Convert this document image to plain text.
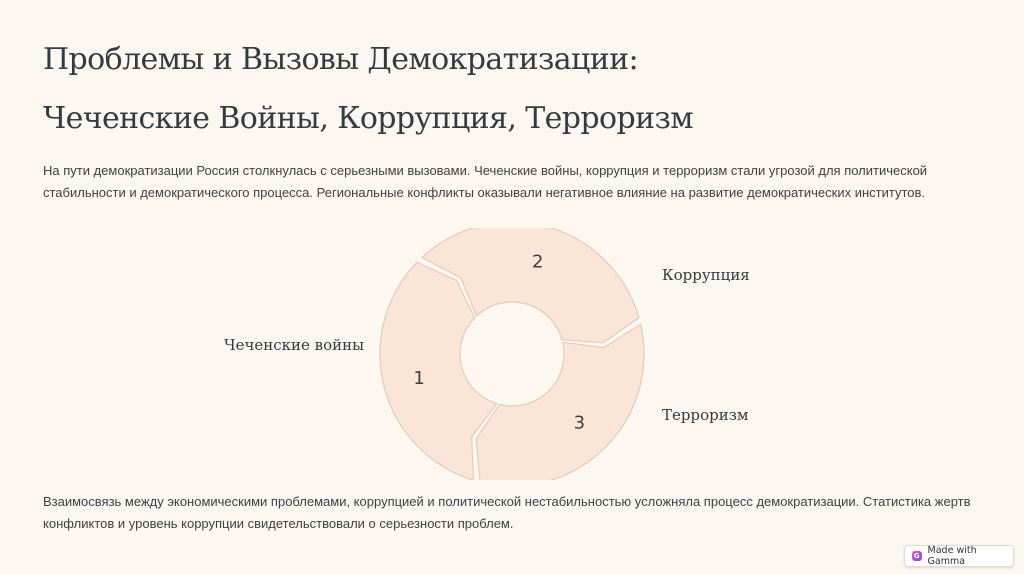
Проблемы и Вызовы Демократизации:
Чеченские Войны, Коррупция, Терроризм

На пути демократизации Россия столкнулась с серьезными вызовами. Чеченские войны, коррупция и терроризм стали угрозой для политической стабильности и демократического процесса. Региональные конфликты оказывали негативное влияние на развитие демократических институтов.

1
2
3
Чеченские войны
Коррупция
Терроризм

Взаимосвязь между экономическими проблемами, коррупцией и политической нестабильностью усложняла процесс демократизации. Статистика жертв конфликтов и уровень коррупции свидетельствовали о серьезности проблем.

G Made with Gamma
